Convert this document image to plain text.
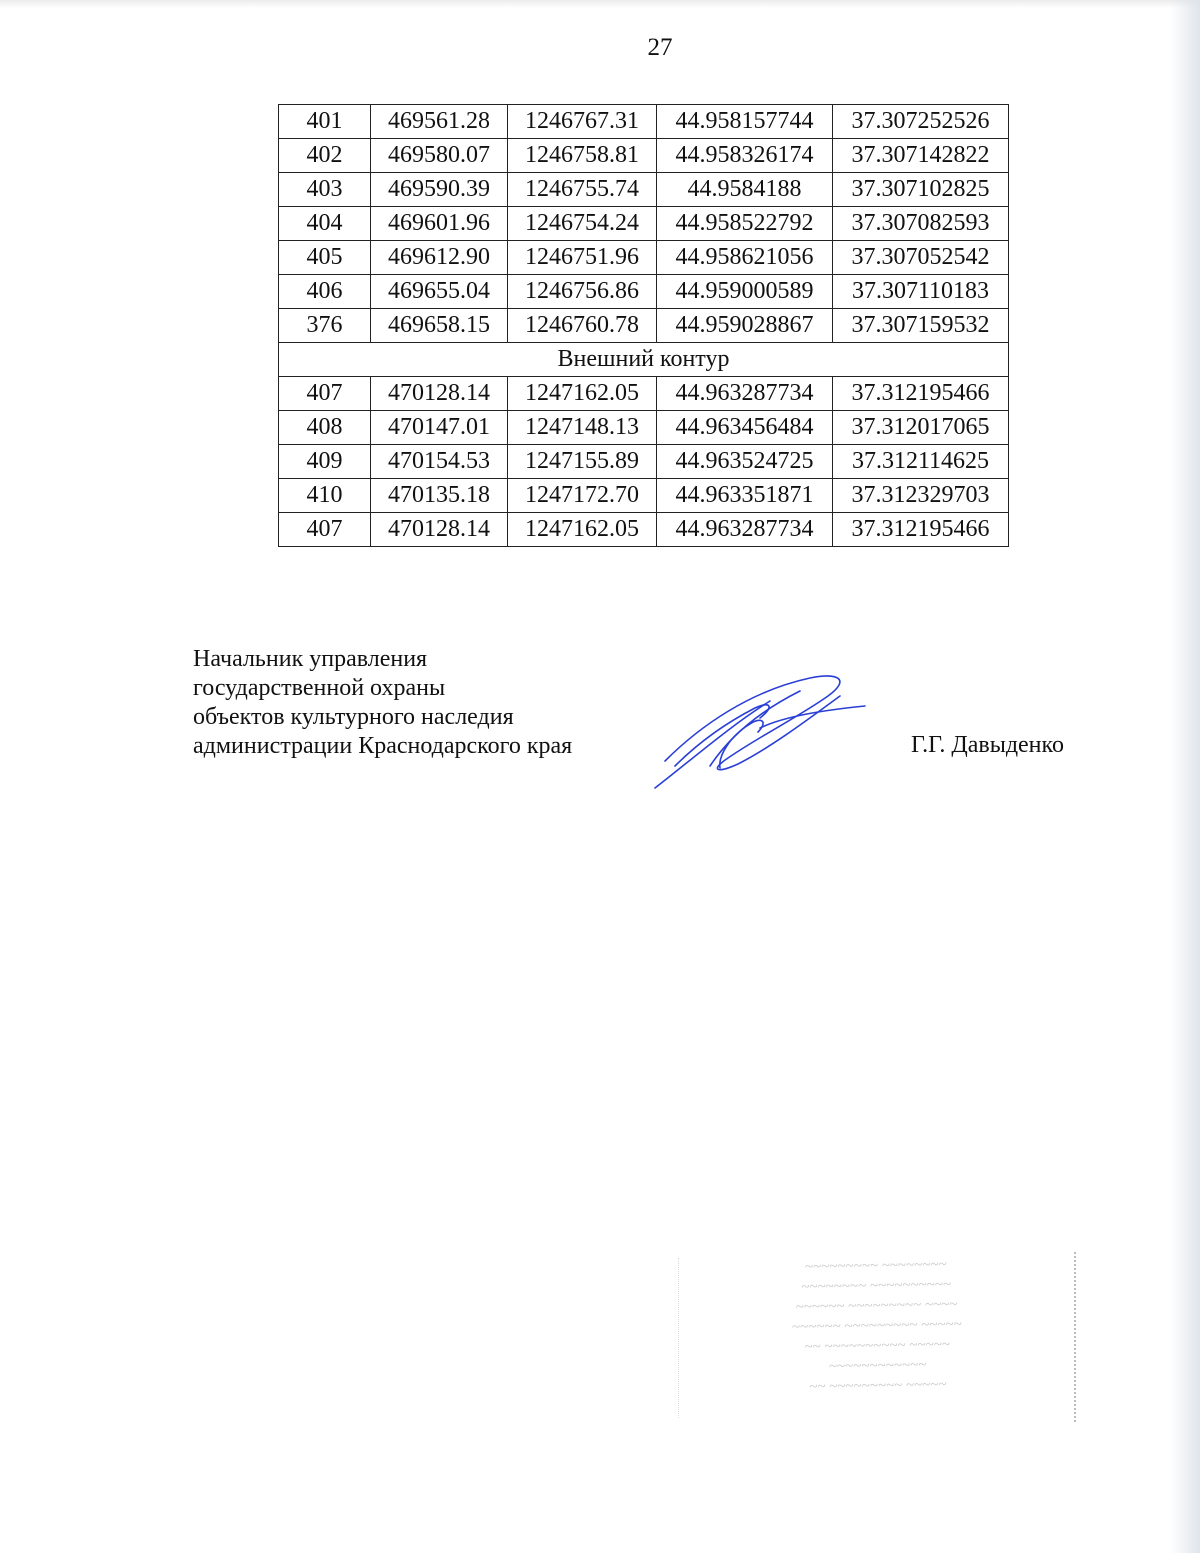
27
401	469561.28	1246767.31	44.958157744	37.307252526
402	469580.07	1246758.81	44.958326174	37.307142822
403	469590.39	1246755.74	44.9584188	37.307102825
404	469601.96	1246754.24	44.958522792	37.307082593
405	469612.90	1246751.96	44.958621056	37.307052542
406	469655.04	1246756.86	44.959000589	37.307110183
376	469658.15	1246760.78	44.959028867	37.307159532
Внешний контур				
407	470128.14	1247162.05	44.963287734	37.312195466
408	470147.01	1247148.13	44.963456484	37.312017065
409	470154.53	1247155.89	44.963524725	37.312114625
410	470135.18	1247172.70	44.963351871	37.312329703
407	470128.14	1247162.05	44.963287734	37.312195466
Начальник управления
государственной охраны
объектов культурного наследия
администрации Краснодарского края	Г.Г. Давыденко
~~~~~~~~~ ~~~~~~~~
~~~~~~~~ ~~~~~~~~~~
~~~~~~ ~~~~~~~~~ ~~~~
~~~~~~ ~~~~~~~~~ ~~~~~
~~ ~~~~~~~~~~ ~~~~~
~~~~~~~~~~~~
~~ ~~~~~~~~~ ~~~~~
